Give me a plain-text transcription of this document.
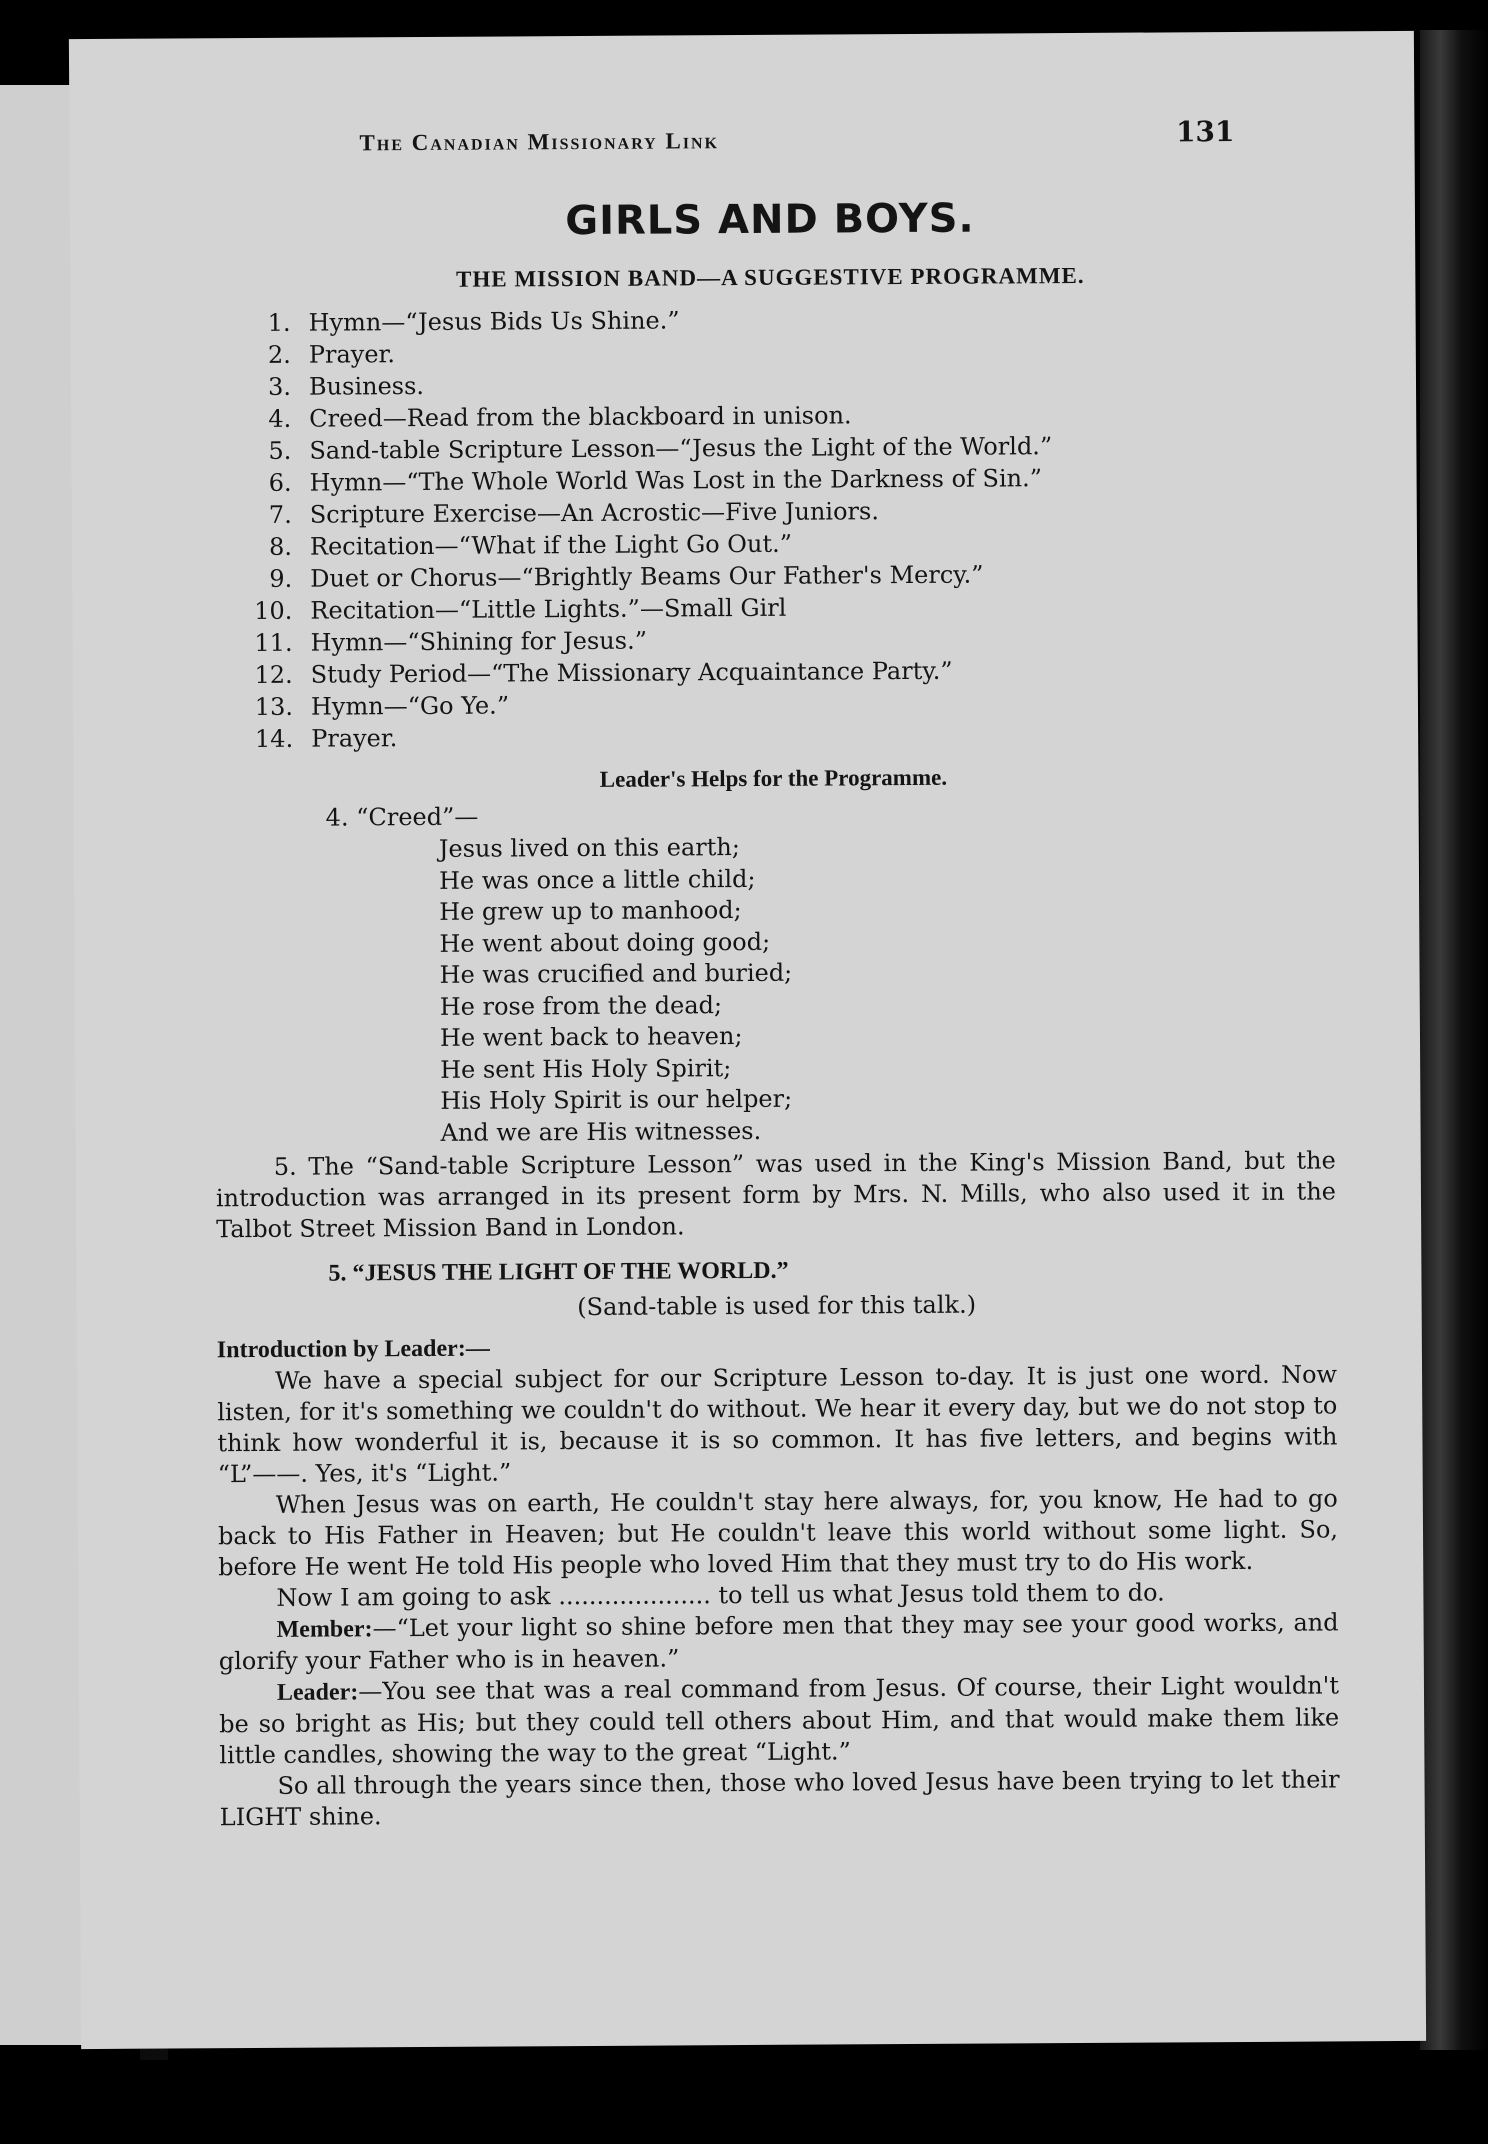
The Canadian Missionary Link	131
GIRLS AND BOYS.
THE MISSION BAND—A SUGGESTIVE PROGRAMME.
1. Hymn—“Jesus Bids Us Shine.”
2. Prayer.
3. Business.
4. Creed—Read from the blackboard in unison.
5. Sand-table Scripture Lesson—“Jesus the Light of the World.”
6. Hymn—“The Whole World Was Lost in the Darkness of Sin.”
7. Scripture Exercise—An Acrostic—Five Juniors.
8. Recitation—“What if the Light Go Out.”
9. Duet or Chorus—“Brightly Beams Our Father's Mercy.”
10. Recitation—“Little Lights.”—Small Girl
11. Hymn—“Shining for Jesus.”
12. Study Period—“The Missionary Acquaintance Party.”
13. Hymn—“Go Ye.”
14. Prayer.
Leader's Helps for the Programme.
4. “Creed”—
Jesus lived on this earth;
He was once a little child;
He grew up to manhood;
He went about doing good;
He was crucified and buried;
He rose from the dead;
He went back to heaven;
He sent His Holy Spirit;
His Holy Spirit is our helper;
And we are His witnesses.

5. The “Sand-table Scripture Lesson” was used in the King's Mission Band, but the introduction was arranged in its present form by Mrs. N. Mills, who also used it in the Talbot Street Mission Band in London.

5. “JESUS THE LIGHT OF THE WORLD.”
(Sand-table is used for this talk.)
Introduction by Leader:—

We have a special subject for our Scripture Lesson to-day. It is just one word. Now listen, for it's something we couldn't do without. We hear it every day, but we do not stop to think how wonderful it is, because it is so common. It has five letters, and begins with “L”——. Yes, it's “Light.”

When Jesus was on earth, He couldn't stay here always, for, you know, He had to go back to His Father in Heaven; but He couldn't leave this world without some light. So, before He went He told His people who loved Him that they must try to do His work.

Now I am going to ask .................... to tell us what Jesus told them to do.

Member:—“Let your light so shine before men that they may see your good works, and glorify your Father who is in heaven.”

Leader:—You see that was a real command from Jesus. Of course, their Light wouldn't be so bright as His; but they could tell others about Him, and that would make them like little candles, showing the way to the great “Light.”

So all through the years since then, those who loved Jesus have been trying to let their LIGHT shine.
